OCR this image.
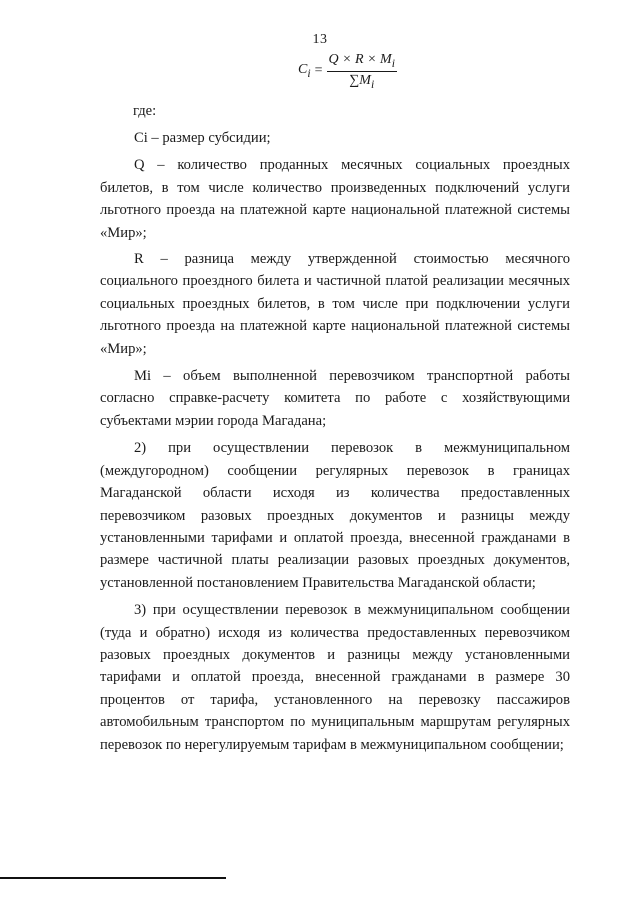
13
$C_i = \frac{Q \times R \times M_i}{\sum M_i}$
где:

Ci – размер субсидии;

Q – количество проданных месячных социальных проездных билетов, в том числе количество произведенных подключений услуги льготного проезда на платежной карте национальной платежной системы «Мир»;

R – разница между утвержденной стоимостью месячного социального проездного билета и частичной платой реализации месячных социальных проездных билетов, в том числе при подключении услуги льготного проезда на платежной карте национальной платежной системы «Мир»;

Mi – объем выполненной перевозчиком транспортной работы согласно справке-расчету комитета по работе с хозяйствующими субъектами мэрии города Магадана;

2) при осуществлении перевозок в межмуниципальном (междугородном) сообщении регулярных перевозок в границах Магаданской области исходя из количества предоставленных перевозчиком разовых проездных документов и разницы между установленными тарифами и оплатой проезда, внесенной гражданами в размере частичной платы реализации разовых проездных документов, установленной постановлением Правительства Магаданской области;

3) при осуществлении перевозок в межмуниципальном сообщении (туда и обратно) исходя из количества предоставленных перевозчиком разовых проездных документов и разницы между установленными тарифами и оплатой проезда, внесенной гражданами в размере 30 процентов от тарифа, установленного на перевозку пассажиров автомобильным транспортом по муниципальным маршрутам регулярных перевозок по нерегулируемым тарифам в межмуниципальном сообщении;
